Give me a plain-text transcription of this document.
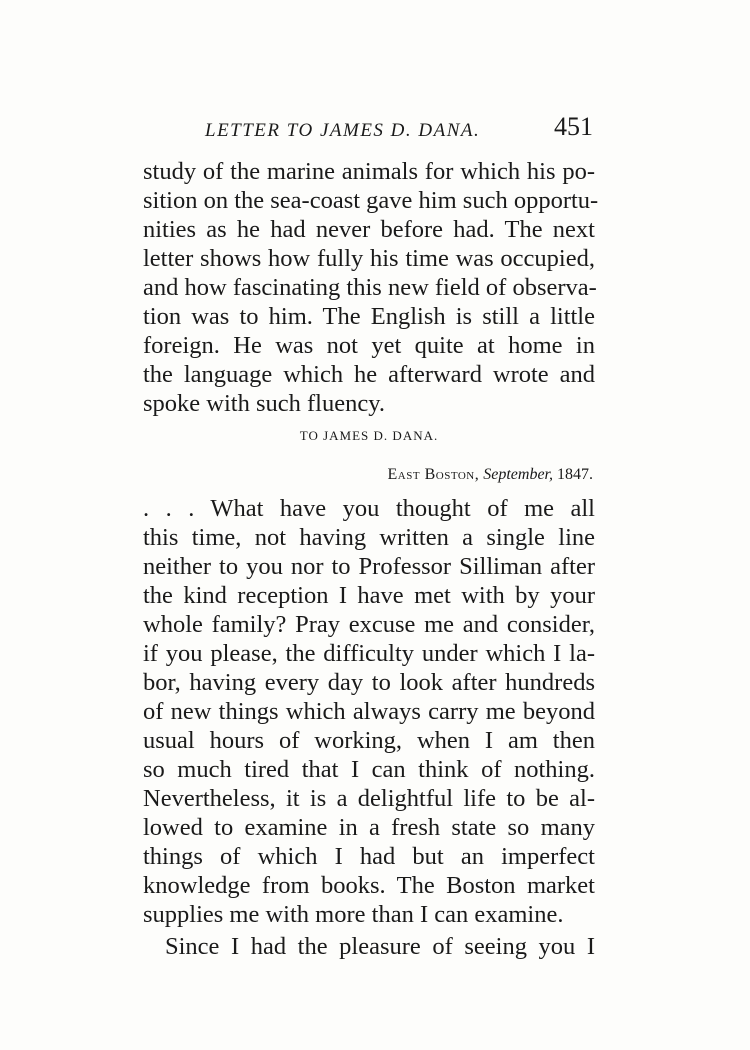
LETTER TO JAMES D. DANA.	451
study of the marine animals for which his po-
sition on the sea-coast gave him such opportu-
nities as he had never before had. The next
letter shows how fully his time was occupied,
and how fascinating this new field of observa-
tion was to him. The English is still a little
foreign. He was not yet quite at home in
the language which he afterward wrote and
spoke with such fluency.
TO JAMES D. DANA.
East Boston, September, 1847.
. . . What have you thought of me all
this time, not having written a single line
neither to you nor to Professor Silliman after
the kind reception I have met with by your
whole family? Pray excuse me and consider,
if you please, the difficulty under which I la-
bor, having every day to look after hundreds
of new things which always carry me beyond
usual hours of working, when I am then
so much tired that I can think of nothing.
Nevertheless, it is a delightful life to be al-
lowed to examine in a fresh state so many
things of which I had but an imperfect
knowledge from books. The Boston market
supplies me with more than I can examine.
Since I had the pleasure of seeing you I
